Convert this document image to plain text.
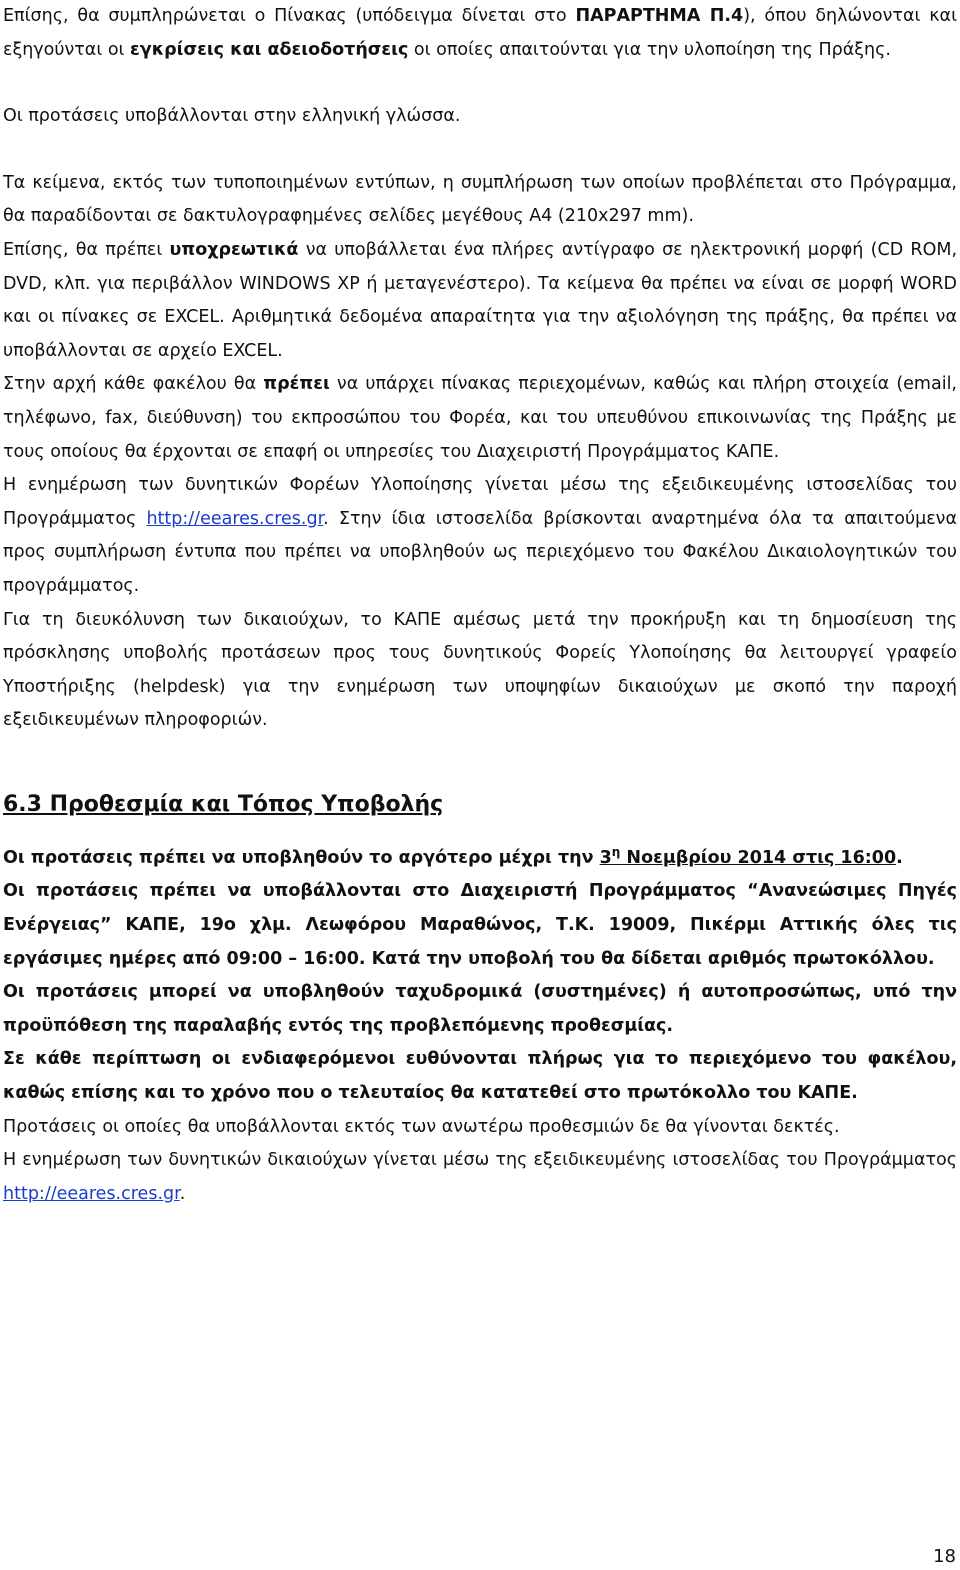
Επίσης, θα συμπληρώνεται ο Πίνακας (υπόδειγμα δίνεται στο ΠΑΡΑΡΤΗΜΑ Π.4), όπου δηλώνονται και εξηγούνται οι εγκρίσεις και αδειοδοτήσεις οι οποίες απαιτούνται για την υλοποίηση της Πράξης.

Οι προτάσεις υποβάλλονται στην ελληνική γλώσσα.

Τα κείμενα, εκτός των τυποποιημένων εντύπων, η συμπλήρωση των οποίων προβλέπεται στο Πρόγραμμα, θα παραδίδονται σε δακτυλογραφημένες σελίδες μεγέθους Α4 (210x297 mm).

Επίσης, θα πρέπει υποχρεωτικά να υποβάλλεται ένα πλήρες αντίγραφο σε ηλεκτρονική μορφή (CD ROM, DVD, κλπ. για περιβάλλον WINDOWS XP ή μεταγενέστερο). Τα κείμενα θα πρέπει να είναι σε μορφή WORD και οι πίνακες σε EXCEL. Αριθμητικά δεδομένα απαραίτητα για την αξιολόγηση της πράξης, θα πρέπει να υποβάλλονται σε αρχείο EXCEL.

Στην αρχή κάθε φακέλου θα πρέπει να υπάρχει πίνακας περιεχομένων, καθώς και πλήρη στοιχεία (email, τηλέφωνο, fax, διεύθυνση) του εκπροσώπου του Φορέα, και του υπευθύνου επικοινωνίας της Πράξης με τους οποίους θα έρχονται σε επαφή οι υπηρεσίες του Διαχειριστή Προγράμματος ΚΑΠΕ.

Η ενημέρωση των δυνητικών Φορέων Υλοποίησης γίνεται μέσω της εξειδικευμένης ιστοσελίδας του Προγράμματος http://eeares.cres.gr. Στην ίδια ιστοσελίδα βρίσκονται αναρτημένα όλα τα απαιτούμενα προς συμπλήρωση έντυπα που πρέπει να υποβληθούν ως περιεχόμενο του Φακέλου Δικαιολογητικών του προγράμματος.

Για τη διευκόλυνση των δικαιούχων, το ΚΑΠΕ αμέσως μετά την προκήρυξη και τη δημοσίευση της πρόσκλησης υποβολής προτάσεων προς τους δυνητικούς Φορείς Υλοποίησης θα λειτουργεί γραφείο Υποστήριξης (helpdesk) για την ενημέρωση των υποψηφίων δικαιούχων με σκοπό την παροχή εξειδικευμένων πληροφοριών.

6.3 Προθεσμία και Τόπος Υποβολής

Οι προτάσεις πρέπει να υποβληθούν το αργότερο μέχρι την $3^\eta$ Νοεμβρίου 2014 στις 16:00.

Οι προτάσεις πρέπει να υποβάλλονται στο Διαχειριστή Προγράμματος “Ανανεώσιμες Πηγές Ενέργειας” ΚΑΠΕ, 19ο χλμ. Λεωφόρου Μαραθώνος, Τ.Κ. 19009, Πικέρμι Αττικής όλες τις εργάσιμες ημέρες από 09:00 – 16:00. Κατά την υποβολή του θα δίδεται αριθμός πρωτοκόλλου.

Οι προτάσεις μπορεί να υποβληθούν ταχυδρομικά (συστημένες) ή αυτοπροσώπως, υπό την προϋπόθεση της παραλαβής εντός της προβλεπόμενης προθεσμίας.

Σε κάθε περίπτωση οι ενδιαφερόμενοι ευθύνονται πλήρως για το περιεχόμενο του φακέλου, καθώς επίσης και το χρόνο που ο τελευταίος θα κατατεθεί στο πρωτόκολλο του ΚΑΠΕ.

Προτάσεις οι οποίες θα υποβάλλονται εκτός των ανωτέρω προθεσμιών δε θα γίνονται δεκτές.

Η ενημέρωση των δυνητικών δικαιούχων γίνεται μέσω της εξειδικευμένης ιστοσελίδας του Προγράμματος http://eeares.cres.gr.

18
